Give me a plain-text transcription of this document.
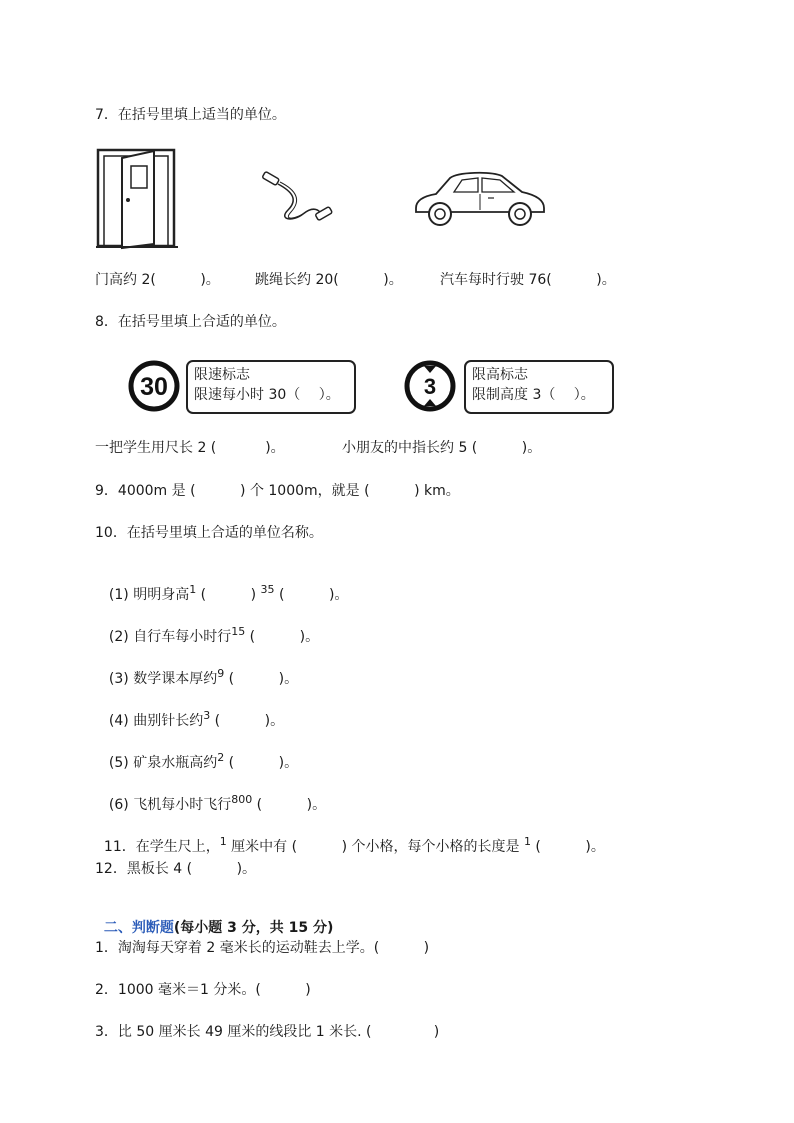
7．在括号里填上适当的单位。
门高约 2(          )。	跳绳长约 20(          )。	汽车每时行驶 76(          )。
8．在括号里填上合适的单位。
30 限速标志
限速每小时 30（　 ）。	3	限高标志
限制高度 3（　 ）。
一把学生用尺长 2 (           )。	小朋友的中指长约 5 (          )。
9．4000m 是 (          ) 个 1000m，就是 (          ) km。
10．在括号里填上合适的单位名称。

(1) 明明身高$^1$ (          ) $^{35}$ (          )。

(2) 自行车每小时行$^{15}$ (          )。

(3) 数学课本厚约$^9$ (          )。

(4) 曲别针长约$^3$ (          )。

(5) 矿泉水瓶高约$^2$ (          )。

(6) 飞机每小时飞行$^{800}$ (          )。

11．在学生尺上，$^1$ 厘米中有 (          ) 个小格，每个小格的长度是 $^1$ (          )。

12．黑板长 4 (          )。

二、判断题(每小题 3 分，共 15 分)

1．淘淘每天穿着 2 毫米长的运动鞋去上学。(          )
2．1000 毫米＝1 分米。(          )
3．比 50 厘米长 49 厘米的线段比 1 米长. (              )
